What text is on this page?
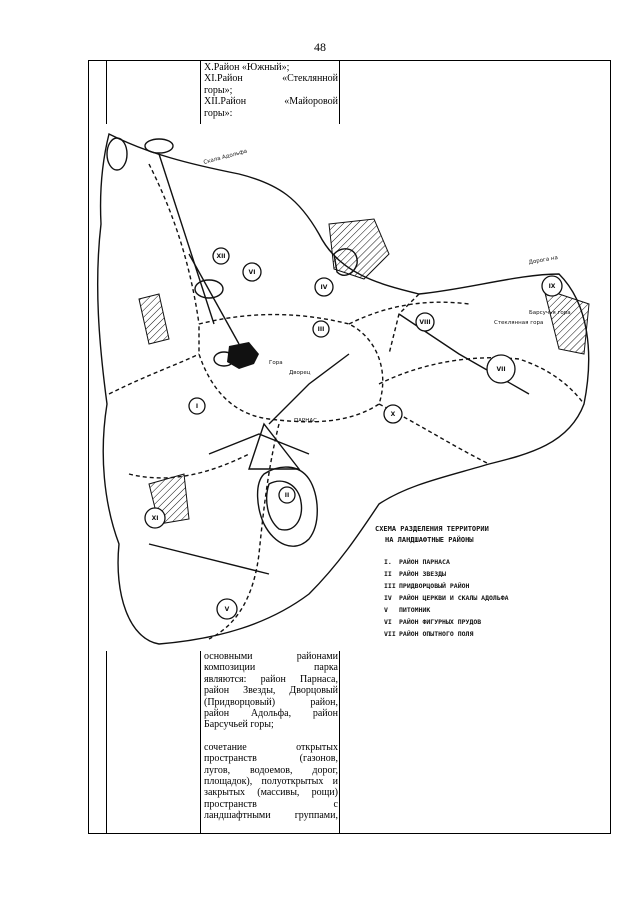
48
X.Район «Южный»;
XI.Район «Стеклянной
горы»;
XII.Район «Майоровой
горы»:
I
II
III
IV
V
VI
VII
VIII
IX
X
XI
XII
Скала Адольфа
Дорога на
Барсучья гора
ПАРНАС
Стеклянная гора
Дворец
Гора
СХЕМА РАЗДЕЛЕНИЯ ТЕРРИТОРИИ
НА ЛАНДШАФТНЫЕ РАЙОНЫ
I. РАЙОН ПАРНАСА
II РАЙОН ЗВЕЗДЫ
III ПРИДВОРЦОВЫЙ РАЙОН
IV РАЙОН ЦЕРКВИ И СКАЛЫ АДОЛЬФА
V ПИТОМНИК
VI РАЙОН ФИГУРНЫХ ПРУДОВ
VII РАЙОН ОПЫТНОГО ПОЛЯ
основными районами
композиции парка
являются: район Парнаса,
район Звезды, Дворцовый
(Придворцовый) район,
район Адольфа, район
Барсучьей горы;
сочетание открытых
пространств (газонов,
лугов, водоемов, дорог,
площадок), полуоткрытых и
закрытых (массивы, рощи)
пространств с
ландшафтными группами,
